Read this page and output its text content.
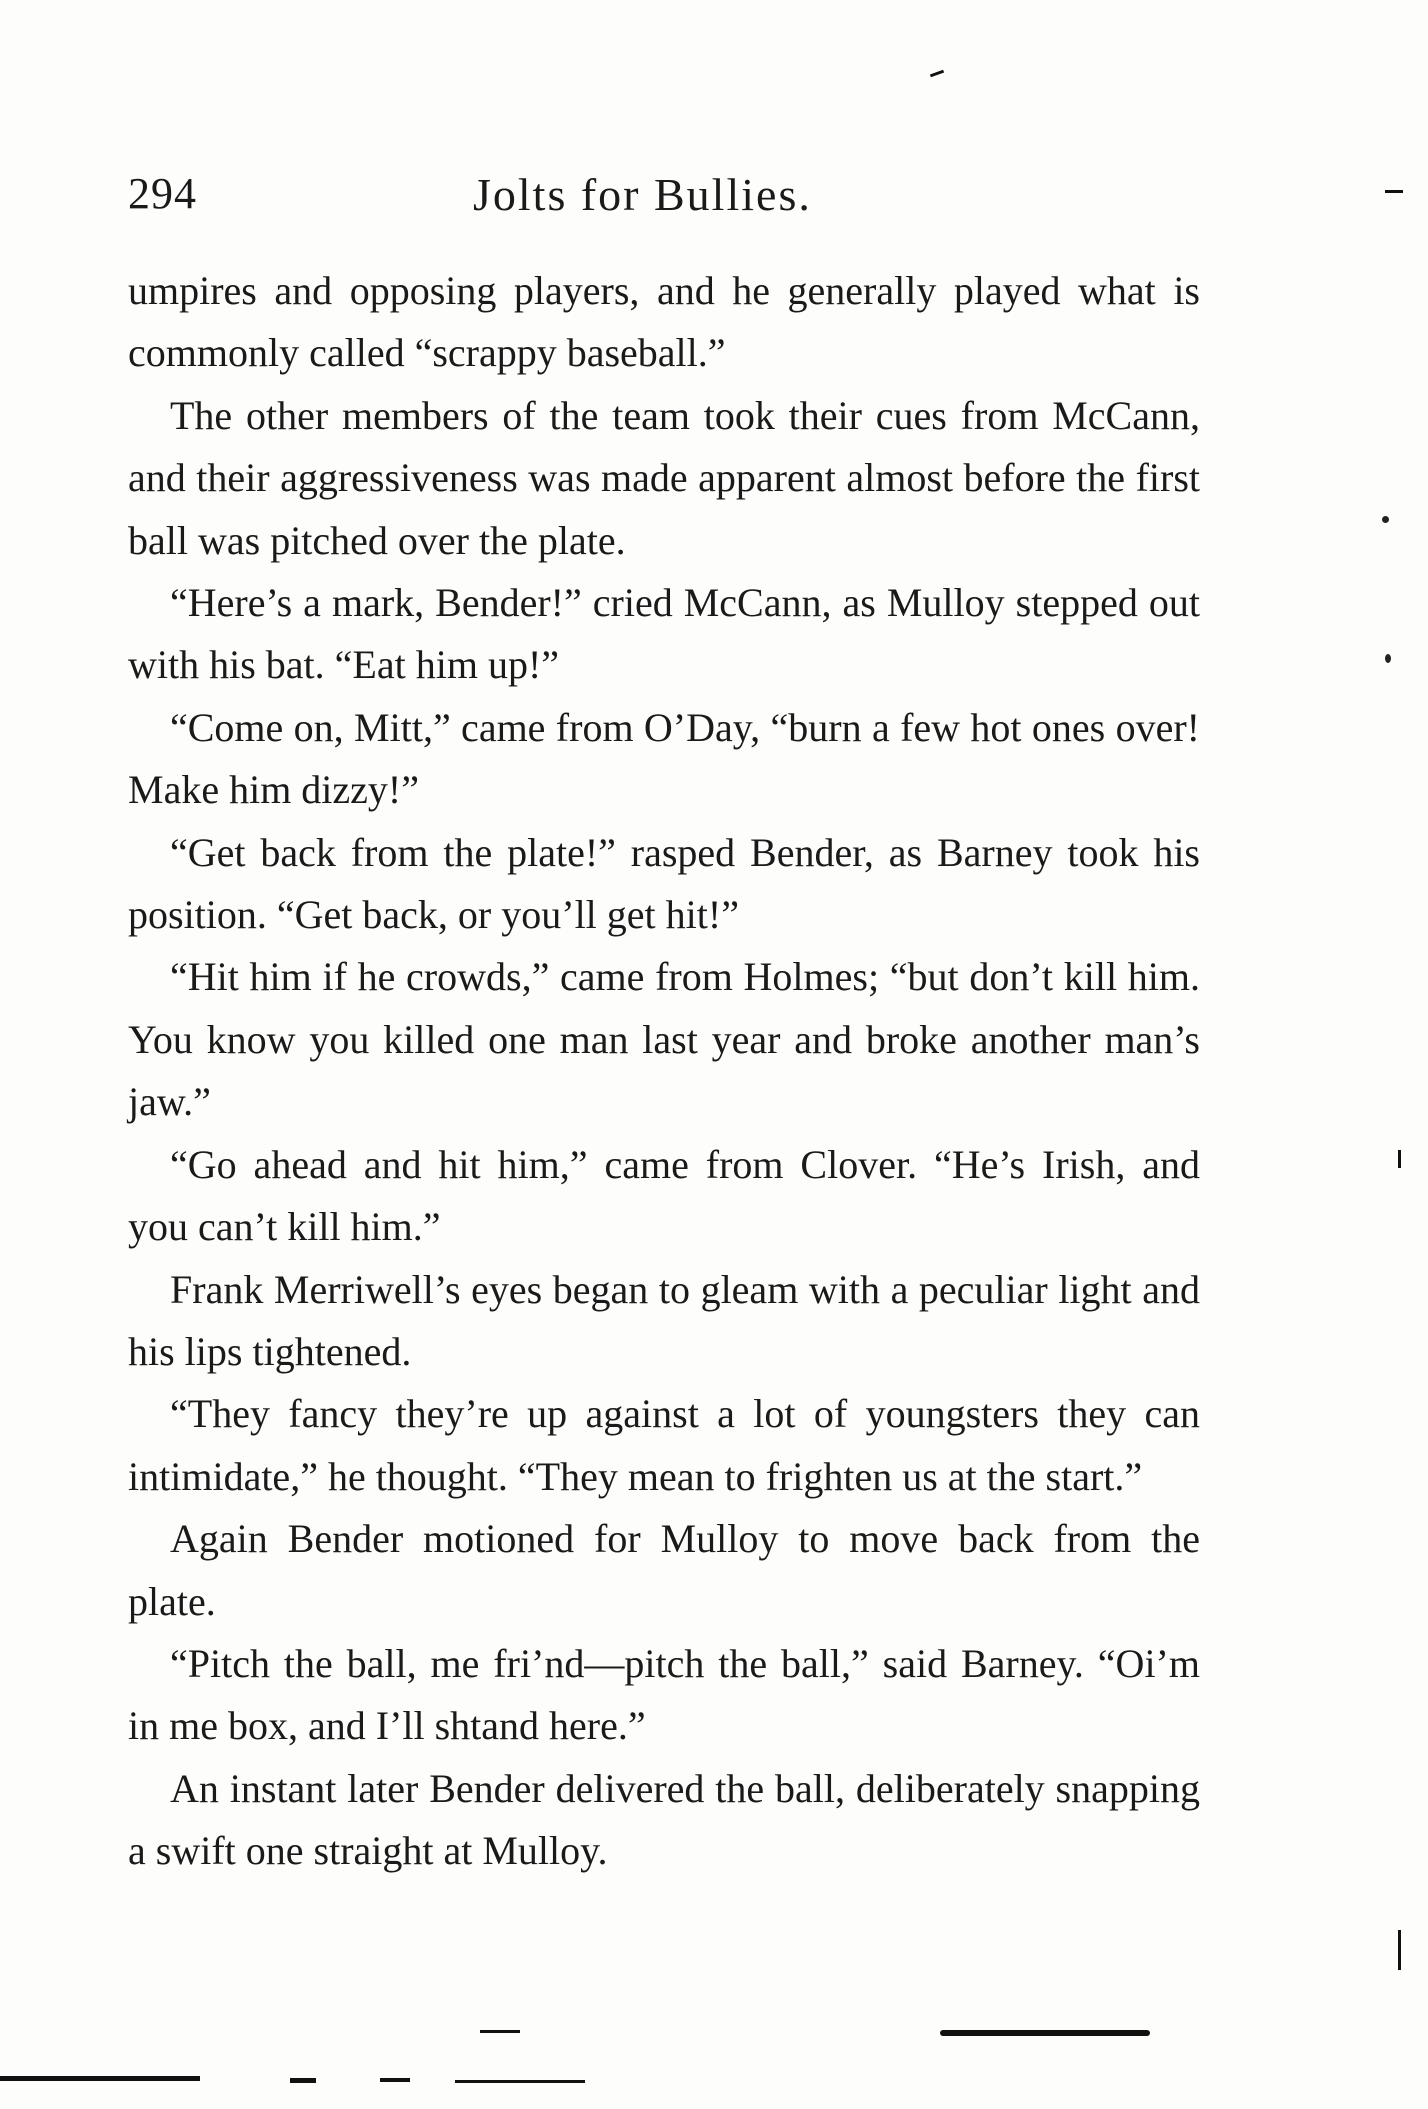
294	Jolts for Bullies.

umpires and opposing players, and he generally played what is commonly called “scrappy baseball.”

The other members of the team took their cues from McCann, and their aggressiveness was made apparent almost before the first ball was pitched over the plate.

“Here’s a mark, Bender!” cried McCann, as Mulloy stepped out with his bat. “Eat him up!”

“Come on, Mitt,” came from O’Day, “burn a few hot ones over! Make him dizzy!”

“Get back from the plate!” rasped Bender, as Barney took his position. “Get back, or you’ll get hit!”

“Hit him if he crowds,” came from Holmes; “but don’t kill him. You know you killed one man last year and broke another man’s jaw.”

“Go ahead and hit him,” came from Clover. “He’s Irish, and you can’t kill him.”

Frank Merriwell’s eyes began to gleam with a peculiar light and his lips tightened.

“They fancy they’re up against a lot of youngsters they can intimidate,” he thought. “They mean to frighten us at the start.”

Again Bender motioned for Mulloy to move back from the plate.

“Pitch the ball, me fri’nd—pitch the ball,” said Barney. “Oi’m in me box, and I’ll shtand here.”

An instant later Bender delivered the ball, deliberately snapping a swift one straight at Mulloy.
